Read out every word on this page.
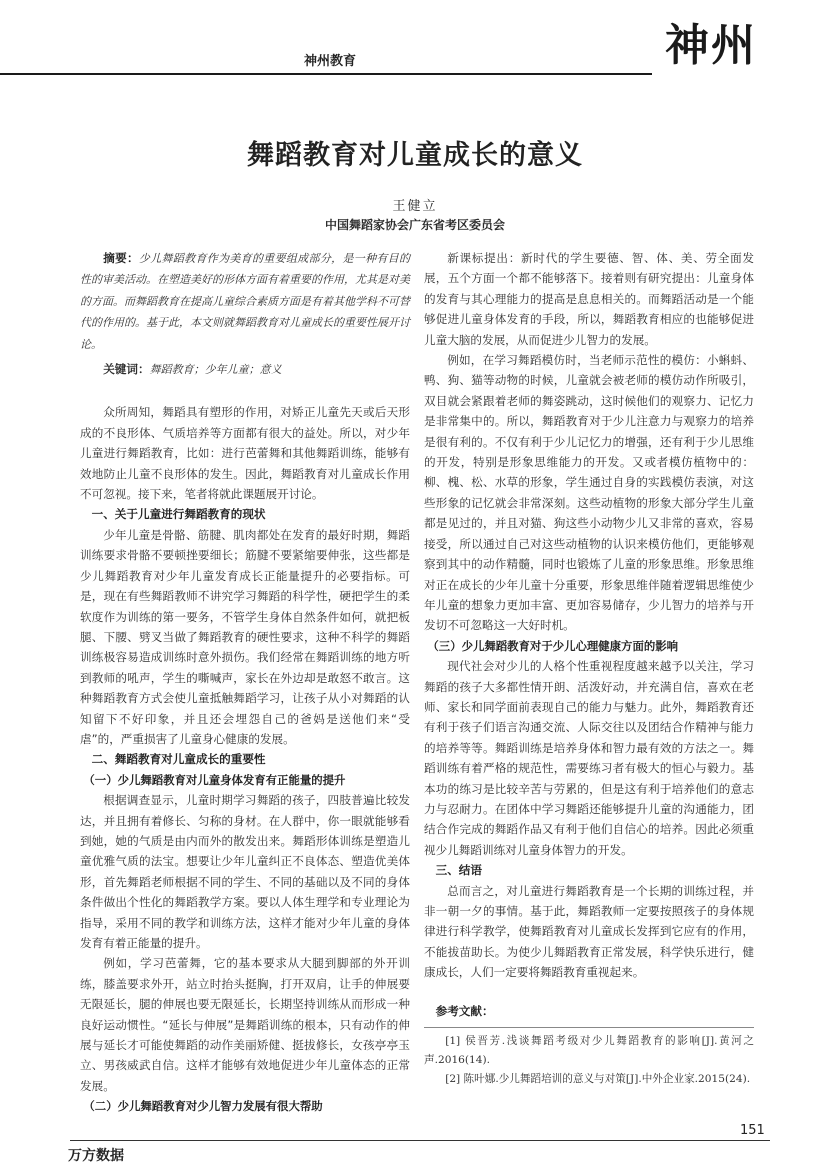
神州教育	神州
舞蹈教育对儿童成长的意义
王健立
中国舞蹈家协会广东省考区委员会

摘要：少儿舞蹈教育作为美育的重要组成部分，是一种有目的性的审美活动。在塑造美好的形体方面有着重要的作用，尤其是对美的方面。而舞蹈教育在提高儿童综合素质方面是有着其他学科不可替代的作用的。基于此，本文则就舞蹈教育对儿童成长的重要性展开讨论。

关键词：舞蹈教育；少年儿童；意义

众所周知，舞蹈具有塑形的作用，对矫正儿童先天或后天形成的不良形体、气质培养等方面都有很大的益处。所以，对少年儿童进行舞蹈教育，比如：进行芭蕾舞和其他舞蹈训练，能够有效地防止儿童不良形体的发生。因此，舞蹈教育对儿童成长作用不可忽视。接下来，笔者将就此课题展开讨论。

一、关于儿童进行舞蹈教育的现状

少年儿童是骨骼、筋腱、肌肉都处在发育的最好时期，舞蹈训练要求骨骼不要顿挫要细长；筋腱不要紧缩要伸张，这些都是少儿舞蹈教育对少年儿童发育成长正能量提升的必要指标。可是，现在有些舞蹈教师不讲究学习舞蹈的科学性，硬把学生的柔软度作为训练的第一要务，不管学生身体自然条件如何，就把板腿、下腰、劈叉当做了舞蹈教育的硬性要求，这种不科学的舞蹈训练极容易造成训练时意外损伤。我们经常在舞蹈训练的地方听到教师的吼声，学生的嘶喊声，家长在外边却是敢怒不敢言。这种舞蹈教育方式会使儿童抵触舞蹈学习，让孩子从小对舞蹈的认知留下不好印象，并且还会埋怨自己的爸妈是送他们来“受虐”的，严重损害了儿童身心健康的发展。

二、舞蹈教育对儿童成长的重要性
（一）少儿舞蹈教育对儿童身体发育有正能量的提升

根据调查显示，儿童时期学习舞蹈的孩子，四肢普遍比较发达，并且拥有着修长、匀称的身材。在人群中，你一眼就能够看到她，她的气质是由内而外的散发出来。舞蹈形体训练是塑造儿童优雅气质的法宝。想要让少年儿童纠正不良体态、塑造优美体形，首先舞蹈老师根据不同的学生、不同的基础以及不同的身体条件做出个性化的舞蹈教学方案。要以人体生理学和专业理论为指导，采用不同的教学和训练方法，这样才能对少年儿童的身体发育有着正能量的提升。

例如，学习芭蕾舞，它的基本要求从大腿到脚部的外开训练，膝盖要求外开，站立时抬头挺胸，打开双肩，让手的伸展要无限延长，腿的伸展也要无限延长，长期坚持训练从而形成一种良好运动惯性。“延长与伸展”是舞蹈训练的根本，只有动作的伸展与延长才可能使舞蹈的动作美丽矫健、挺拔修长，女孩亭亭玉立、男孩威武自信。这样才能够有效地促进少年儿童体态的正常发展。

（二）少儿舞蹈教育对少儿智力发展有很大帮助

新课标提出：新时代的学生要德、智、体、美、劳全面发展，五个方面一个都不能够落下。接着则有研究提出：儿童身体的发育与其心理能力的提高是息息相关的。而舞蹈活动是一个能够促进儿童身体发育的手段，所以，舞蹈教育相应的也能够促进儿童大脑的发展，从而促进少儿智力的发展。

例如，在学习舞蹈模仿时，当老师示范性的模仿：小蝌蚪、鸭、狗、猫等动物的时候，儿童就会被老师的模仿动作所吸引，双目就会紧跟着老师的舞姿跳动，这时候他们的观察力、记忆力是非常集中的。所以，舞蹈教育对于少儿注意力与观察力的培养是很有利的。不仅有利于少儿记忆力的增强，还有利于少儿思维的开发，特别是形象思维能力的开发。又或者模仿植物中的：柳、槐、松、水草的形象，学生通过自身的实践模仿表演，对这些形象的记忆就会非常深刻。这些动植物的形象大部分学生儿童都是见过的，并且对猫、狗这些小动物少儿又非常的喜欢，容易接受，所以通过自己对这些动植物的认识来模仿他们，更能够观察到其中的动作精髓，同时也锻炼了儿童的形象思维。形象思维对正在成长的少年儿童十分重要，形象思维伴随着逻辑思维使少年儿童的想象力更加丰富、更加容易储存，少儿智力的培养与开发切不可忽略这一大好时机。

（三）少儿舞蹈教育对于少儿心理健康方面的影响

现代社会对少儿的人格个性重视程度越来越予以关注，学习舞蹈的孩子大多都性情开朗、活泼好动，并充满自信，喜欢在老师、家长和同学面前表现自己的能力与魅力。此外，舞蹈教育还有利于孩子们语言沟通交流、人际交往以及团结合作精神与能力的培养等等。舞蹈训练是培养身体和智力最有效的方法之一。舞蹈训练有着严格的规范性，需要练习者有极大的恒心与毅力。基本功的练习是比较辛苦与劳累的，但是这有利于培养他们的意志力与忍耐力。在团体中学习舞蹈还能够提升儿童的沟通能力，团结合作完成的舞蹈作品又有利于他们自信心的培养。因此必须重视少儿舞蹈训练对儿童身体智力的开发。

三、结语

总而言之，对儿童进行舞蹈教育是一个长期的训练过程，并非一朝一夕的事情。基于此，舞蹈教师一定要按照孩子的身体规律进行科学教学，使舞蹈教育对儿童成长发挥到它应有的作用，不能拔苗助长。为使少儿舞蹈教育正常发展，科学快乐进行，健康成长，人们一定要将舞蹈教育重视起来。

参考文献：

[1] 侯晋芳.浅谈舞蹈考级对少儿舞蹈教育的影响[J].黄河之声.2016(14).

[2] 陈叶娜.少儿舞蹈培训的意义与对策[J].中外企业家.2015(24).

151
万方数据
